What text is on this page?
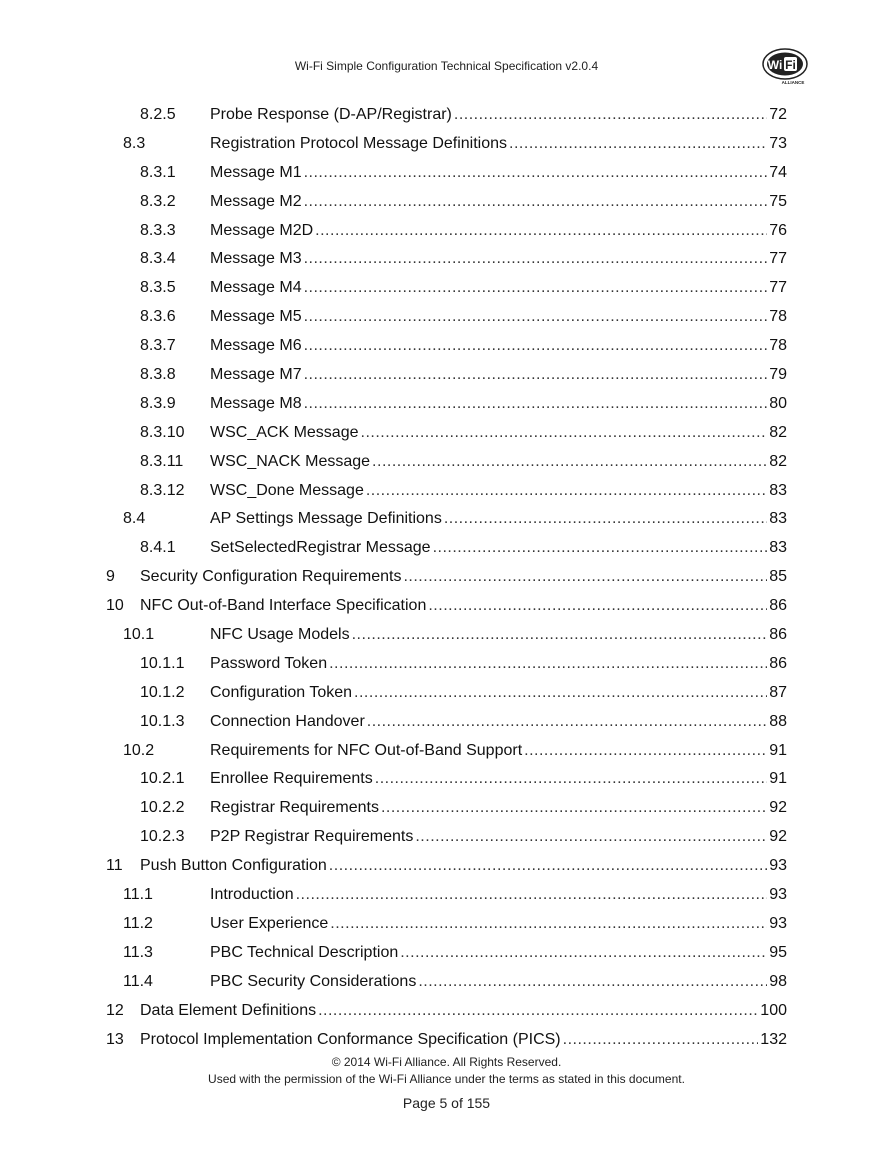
Wi-Fi Simple Configuration Technical Specification v2.0.4	Wi Fi
ALLIANCE
8.2.5 Probe Response (D-AP/Registrar) .....	72
8.3	Registration Protocol Message Definitions .....	73
8.3.1 Message M1 .....	74
8.3.2 Message M2 .....	75
8.3.3 Message M2D .....	76
8.3.4 Message M3 .....	77
8.3.5 Message M4 .....	77
8.3.6 Message M5 .....	78
8.3.7 Message M6 .....	78
8.3.8 Message M7 .....	79
8.3.9 Message M8 .....	80
8.3.10 WSC_ACK Message .....	82
8.3.11 WSC_NACK Message .....	82
8.3.12 WSC_Done Message .....	83
8.4	AP Settings Message Definitions .....	83
8.4.1 SetSelectedRegistrar Message .....	83
9 Security Configuration Requirements .....	85
10 NFC Out-of-Band Interface Specification .....	86
10.1	NFC Usage Models .....	86
10.1.1 Password Token .....	86
10.1.2 Configuration Token .....	87
10.1.3 Connection Handover .....	88
10.2	Requirements for NFC Out-of-Band Support .....	91
10.2.1 Enrollee Requirements .....	91
10.2.2 Registrar Requirements .....	92
10.2.3 P2P Registrar Requirements .....	92
11 Push Button Configuration .....	93
11.1	Introduction .....	93
11.2	User Experience .....	93
11.3	PBC Technical Description .....	95
11.4	PBC Security Considerations .....	98
12 Data Element Definitions .....	100
13 Protocol Implementation Conformance Specification (PICS) .....	132
© 2014 Wi-Fi Alliance. All Rights Reserved.
Used with the permission of the Wi-Fi Alliance under the terms as stated in this document.
Page 5 of 155
